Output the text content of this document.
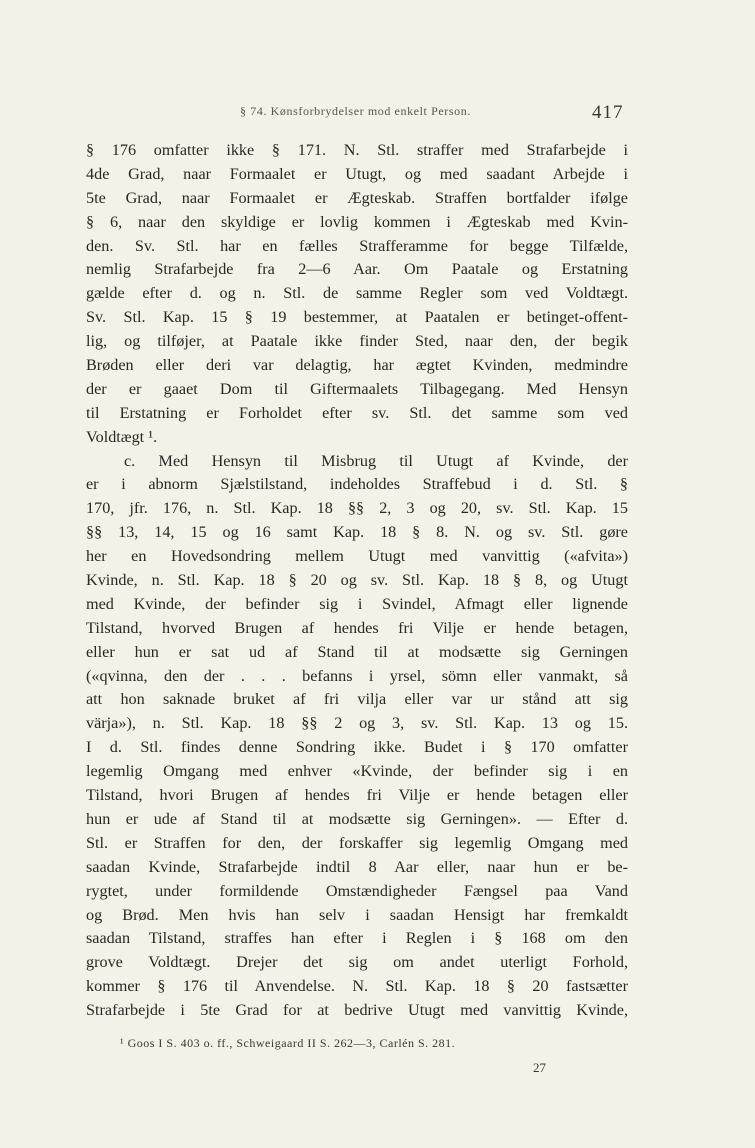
§ 74. Kønsforbrydelser mod enkelt Person.	417
§ 176 omfatter ikke § 171. N. Stl. straffer med Strafarbejde i
4de Grad, naar Formaalet er Utugt, og med saadant Arbejde i
5te Grad, naar Formaalet er Ægteskab. Straffen bortfalder ifølge
§ 6, naar den skyldige er lovlig kommen i Ægteskab med Kvin-
den. Sv. Stl. har en fælles Strafferamme for begge Tilfælde,
nemlig Strafarbejde fra 2—6 Aar. Om Paatale og Erstatning
gælde efter d. og n. Stl. de samme Regler som ved Voldtægt.
Sv. Stl. Kap. 15 § 19 bestemmer, at Paatalen er betinget-offent-
lig, og tilføjer, at Paatale ikke finder Sted, naar den, der begik
Brøden eller deri var delagtig, har ægtet Kvinden, medmindre
der er gaaet Dom til Giftermaalets Tilbagegang. Med Hensyn
til Erstatning er Forholdet efter sv. Stl. det samme som ved
Voldtægt ¹.
c. Med Hensyn til Misbrug til Utugt af Kvinde, der
er i abnorm Sjælstilstand, indeholdes Straffebud i d. Stl. §
170, jfr. 176, n. Stl. Kap. 18 §§ 2, 3 og 20, sv. Stl. Kap. 15
§§ 13, 14, 15 og 16 samt Kap. 18 § 8. N. og sv. Stl. gøre
her en Hovedsondring mellem Utugt med vanvittig («afvita»)
Kvinde, n. Stl. Kap. 18 § 20 og sv. Stl. Kap. 18 § 8, og Utugt
med Kvinde, der befinder sig i Svindel, Afmagt eller lignende
Tilstand, hvorved Brugen af hendes fri Vilje er hende betagen,
eller hun er sat ud af Stand til at modsætte sig Gerningen
(«qvinna, den der . . . befanns i yrsel, sömn eller vanmakt, så
att hon saknade bruket af fri vilja eller var ur stånd att sig
värja»), n. Stl. Kap. 18 §§ 2 og 3, sv. Stl. Kap. 13 og 15.
I d. Stl. findes denne Sondring ikke. Budet i § 170 omfatter
legemlig Omgang med enhver «Kvinde, der befinder sig i en
Tilstand, hvori Brugen af hendes fri Vilje er hende betagen eller
hun er ude af Stand til at modsætte sig Gerningen». — Efter d.
Stl. er Straffen for den, der forskaffer sig legemlig Omgang med
saadan Kvinde, Strafarbejde indtil 8 Aar eller, naar hun er be-
rygtet, under formildende Omstændigheder Fængsel paa Vand
og Brød. Men hvis han selv i saadan Hensigt har fremkaldt
saadan Tilstand, straffes han efter i Reglen i § 168 om den
grove Voldtægt. Drejer det sig om andet uterligt Forhold,
kommer § 176 til Anvendelse. N. Stl. Kap. 18 § 20 fastsætter
Strafarbejde i 5te Grad for at bedrive Utugt med vanvittig Kvinde,
¹ Goos I S. 403 o. ff., Schweigaard II S. 262—3, Carlén S. 281.
27
